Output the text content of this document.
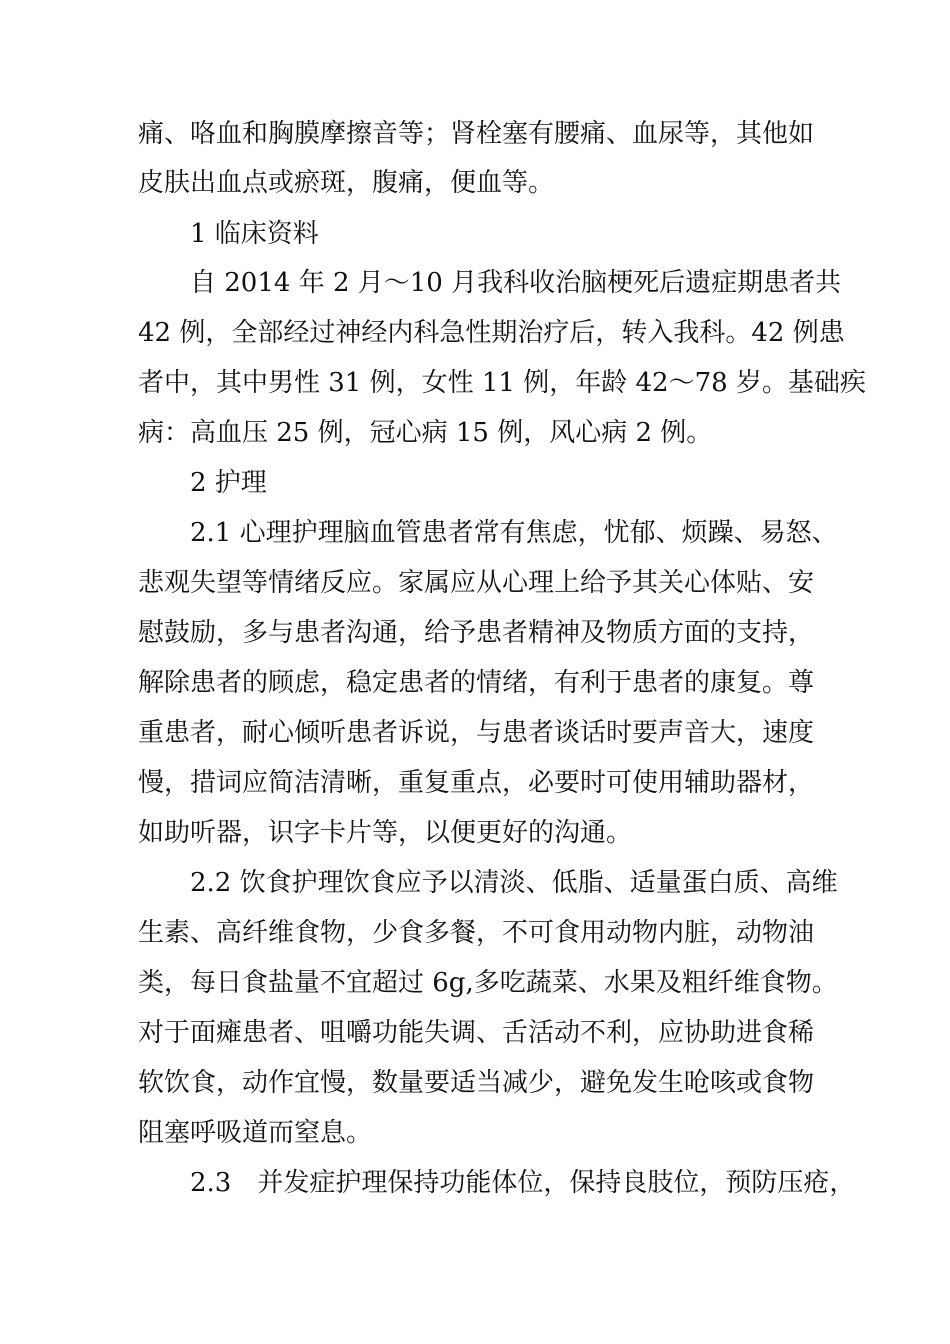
痛、咯血和胸膜摩擦音等；肾栓塞有腰痛、血尿等，其他如
皮肤出血点或瘀斑，腹痛，便血等。
1 临床资料
自 2014 年 2 月〜10 月我科收治脑梗死后遗症期患者共
42 例，全部经过神经内科急性期治疗后，转入我科。42 例患
者中，其中男性 31 例，女性 11 例，年龄 42〜78 岁。基础疾
病：高血压 25 例，冠心病 15 例，风心病 2 例。
2 护理
2.1 心理护理脑血管患者常有焦虑，忧郁、烦躁、易怒、
悲观失望等情绪反应。家属应从心理上给予其关心体贴、安
慰鼓励，多与患者沟通，给予患者精神及物质方面的支持，
解除患者的顾虑，稳定患者的情绪，有利于患者的康复。尊
重患者，耐心倾听患者诉说，与患者谈话时要声音大，速度
慢，措词应简洁清晰，重复重点，必要时可使用辅助器材，
如助听器，识字卡片等，以便更好的沟通。
2.2 饮食护理饮食应予以清淡、低脂、适量蛋白质、高维
生素、高纤维食物，少食多餐，不可食用动物内脏，动物油
类，每日食盐量不宜超过 6g,多吃蔬菜、水果及粗纤维食物。
对于面瘫患者、咀嚼功能失调、舌活动不利，应协助进食稀
软饮食，动作宜慢，数量要适当减少，避免发生呛咳或食物
阻塞呼吸道而窒息。
2.3　并发症护理保持功能体位，保持良肢位，预防压疮，
